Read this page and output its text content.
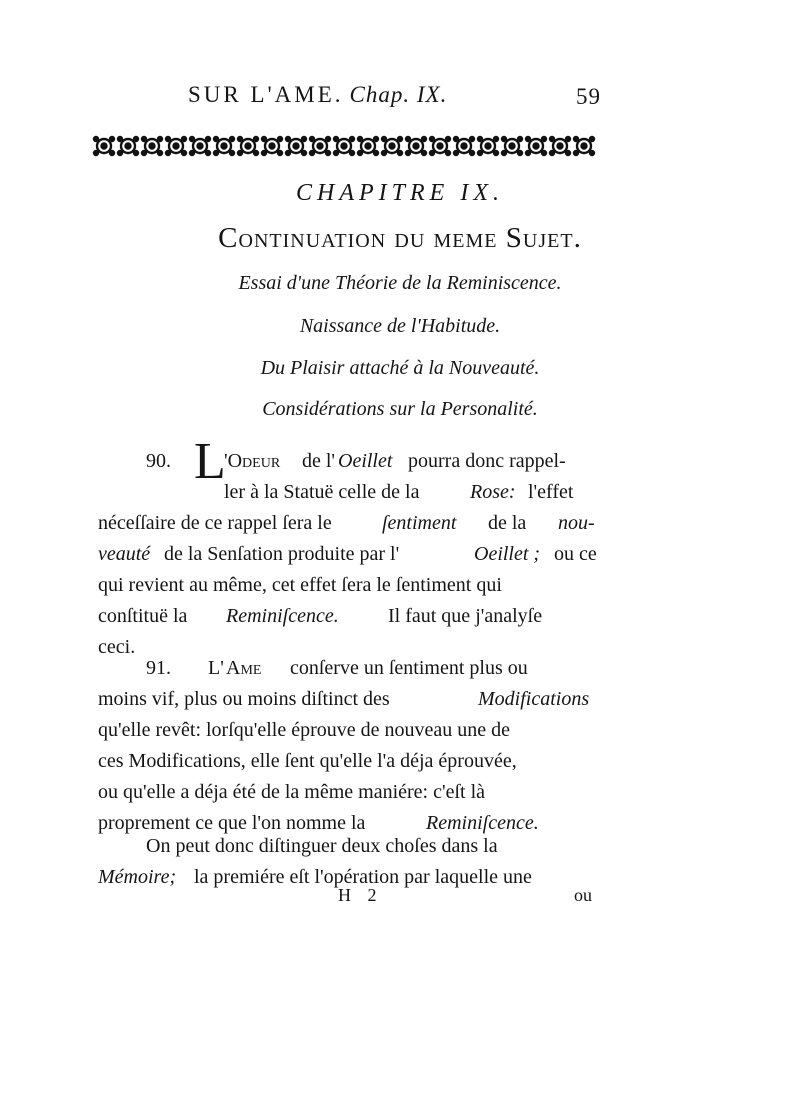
SUR L'AME. Chap. IX.	59
CHAPITRE IX.
Continuation du meme Sujet.
Essai d'une Théorie de la Reminiscence.
Naissance de l'Habitude.
Du Plaisir attaché à la Nouveauté.
Considérations sur la Personalité.
90. L
'Odeur de l' Oeillet pourra donc rappel-
ler à la Statuë celle de la	Rose: l'effet
néceſſaire de ce rappel ſera le	ſentiment de la nou-
veauté de la Senſation produite par l'	Oeillet ; ou ce
qui revient au même, cet effet ſera le ſentiment qui
conſtituë la Reminiſcence. Il faut que j'analyſe
ceci.
91. L' Ame conſerve un ſentiment plus ou
moins vif, plus ou moins diſtinct des	Modifications
qu'elle revêt: lorſqu'elle éprouve de nouveau une de
ces Modifications, elle ſent qu'elle l'a déja éprouvée,
ou qu'elle a déja été de la même maniére: c'eſt là
proprement ce que l'on nomme la	Reminiſcence.
On peut donc diſtinguer deux choſes dans la
Mémoire; la premiére eſt l'opération par laquelle une
H 2	ou
